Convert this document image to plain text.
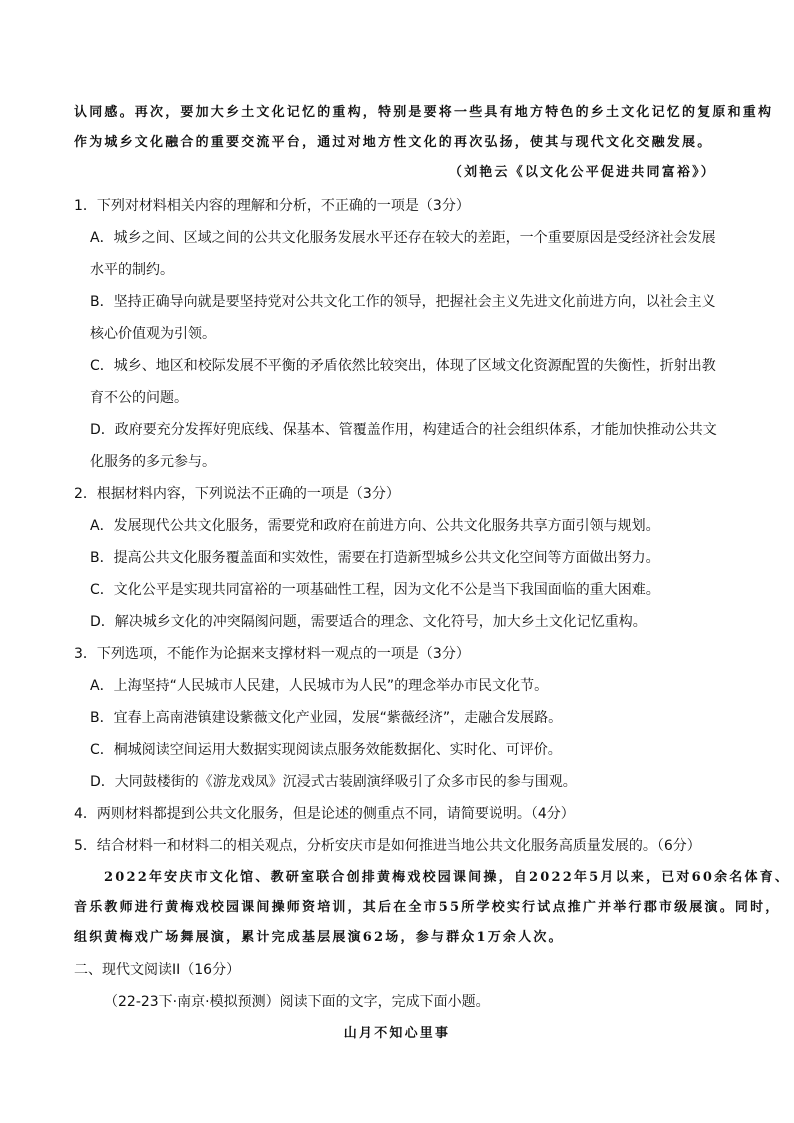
认同感。再次，要加大乡土文化记忆的重构，特别是要将一些具有地方特色的乡土文化记忆的复原和重构
作为城乡文化融合的重要交流平台，通过对地方性文化的再次弘扬，使其与现代文化交融发展。
（刘艳云《以文化公平促进共同富裕》）
1．下列对材料相关内容的理解和分析，不正确的一项是（3分）
A．城乡之间、区域之间的公共文化服务发展水平还存在较大的差距，一个重要原因是受经济社会发展
水平的制约。
B．坚持正确导向就是要坚持党对公共文化工作的领导，把握社会主义先进文化前进方向，以社会主义
核心价值观为引领。
C．城乡、地区和校际发展不平衡的矛盾依然比较突出，体现了区域文化资源配置的失衡性，折射出教
育不公的问题。
D．政府要充分发挥好兜底线、保基本、管覆盖作用，构建适合的社会组织体系，才能加快推动公共文
化服务的多元参与。
2．根据材料内容，下列说法不正确的一项是（3分）
A．发展现代公共文化服务，需要党和政府在前进方向、公共文化服务共享方面引领与规划。
B．提高公共文化服务覆盖面和实效性，需要在打造新型城乡公共文化空间等方面做出努力。
C．文化公平是实现共同富裕的一项基础性工程，因为文化不公是当下我国面临的重大困难。
D．解决城乡文化的冲突隔阂问题，需要适合的理念、文化符号，加大乡土文化记忆重构。
3．下列选项，不能作为论据来支撑材料一观点的一项是（3分）
A．上海坚持“人民城市人民建，人民城市为人民”的理念举办市民文化节。
B．宜春上高南港镇建设紫薇文化产业园，发展“紫薇经济”，走融合发展路。
C．桐城阅读空间运用大数据实现阅读点服务效能数据化、实时化、可评价。
D．大同鼓楼街的《游龙戏凤》沉浸式古装剧演绎吸引了众多市民的参与围观。
4．两则材料都提到公共文化服务，但是论述的侧重点不同，请简要说明。（4分）
5．结合材料一和材料二的相关观点，分析安庆市是如何推进当地公共文化服务高质量发展的。（6分）
2022年安庆市文化馆、教研室联合创排黄梅戏校园课间操，自2022年5月以来，已对60余名体育、
音乐教师进行黄梅戏校园课间操师资培训，其后在全市55所学校实行试点推广并举行郡市级展演。同时，
组织黄梅戏广场舞展演，累计完成基层展演62场，参与群众1万余人次。
二、现代文阅读II（16分）
（22-23下·南京·模拟预测）阅读下面的文字，完成下面小题。
山月不知心里事
